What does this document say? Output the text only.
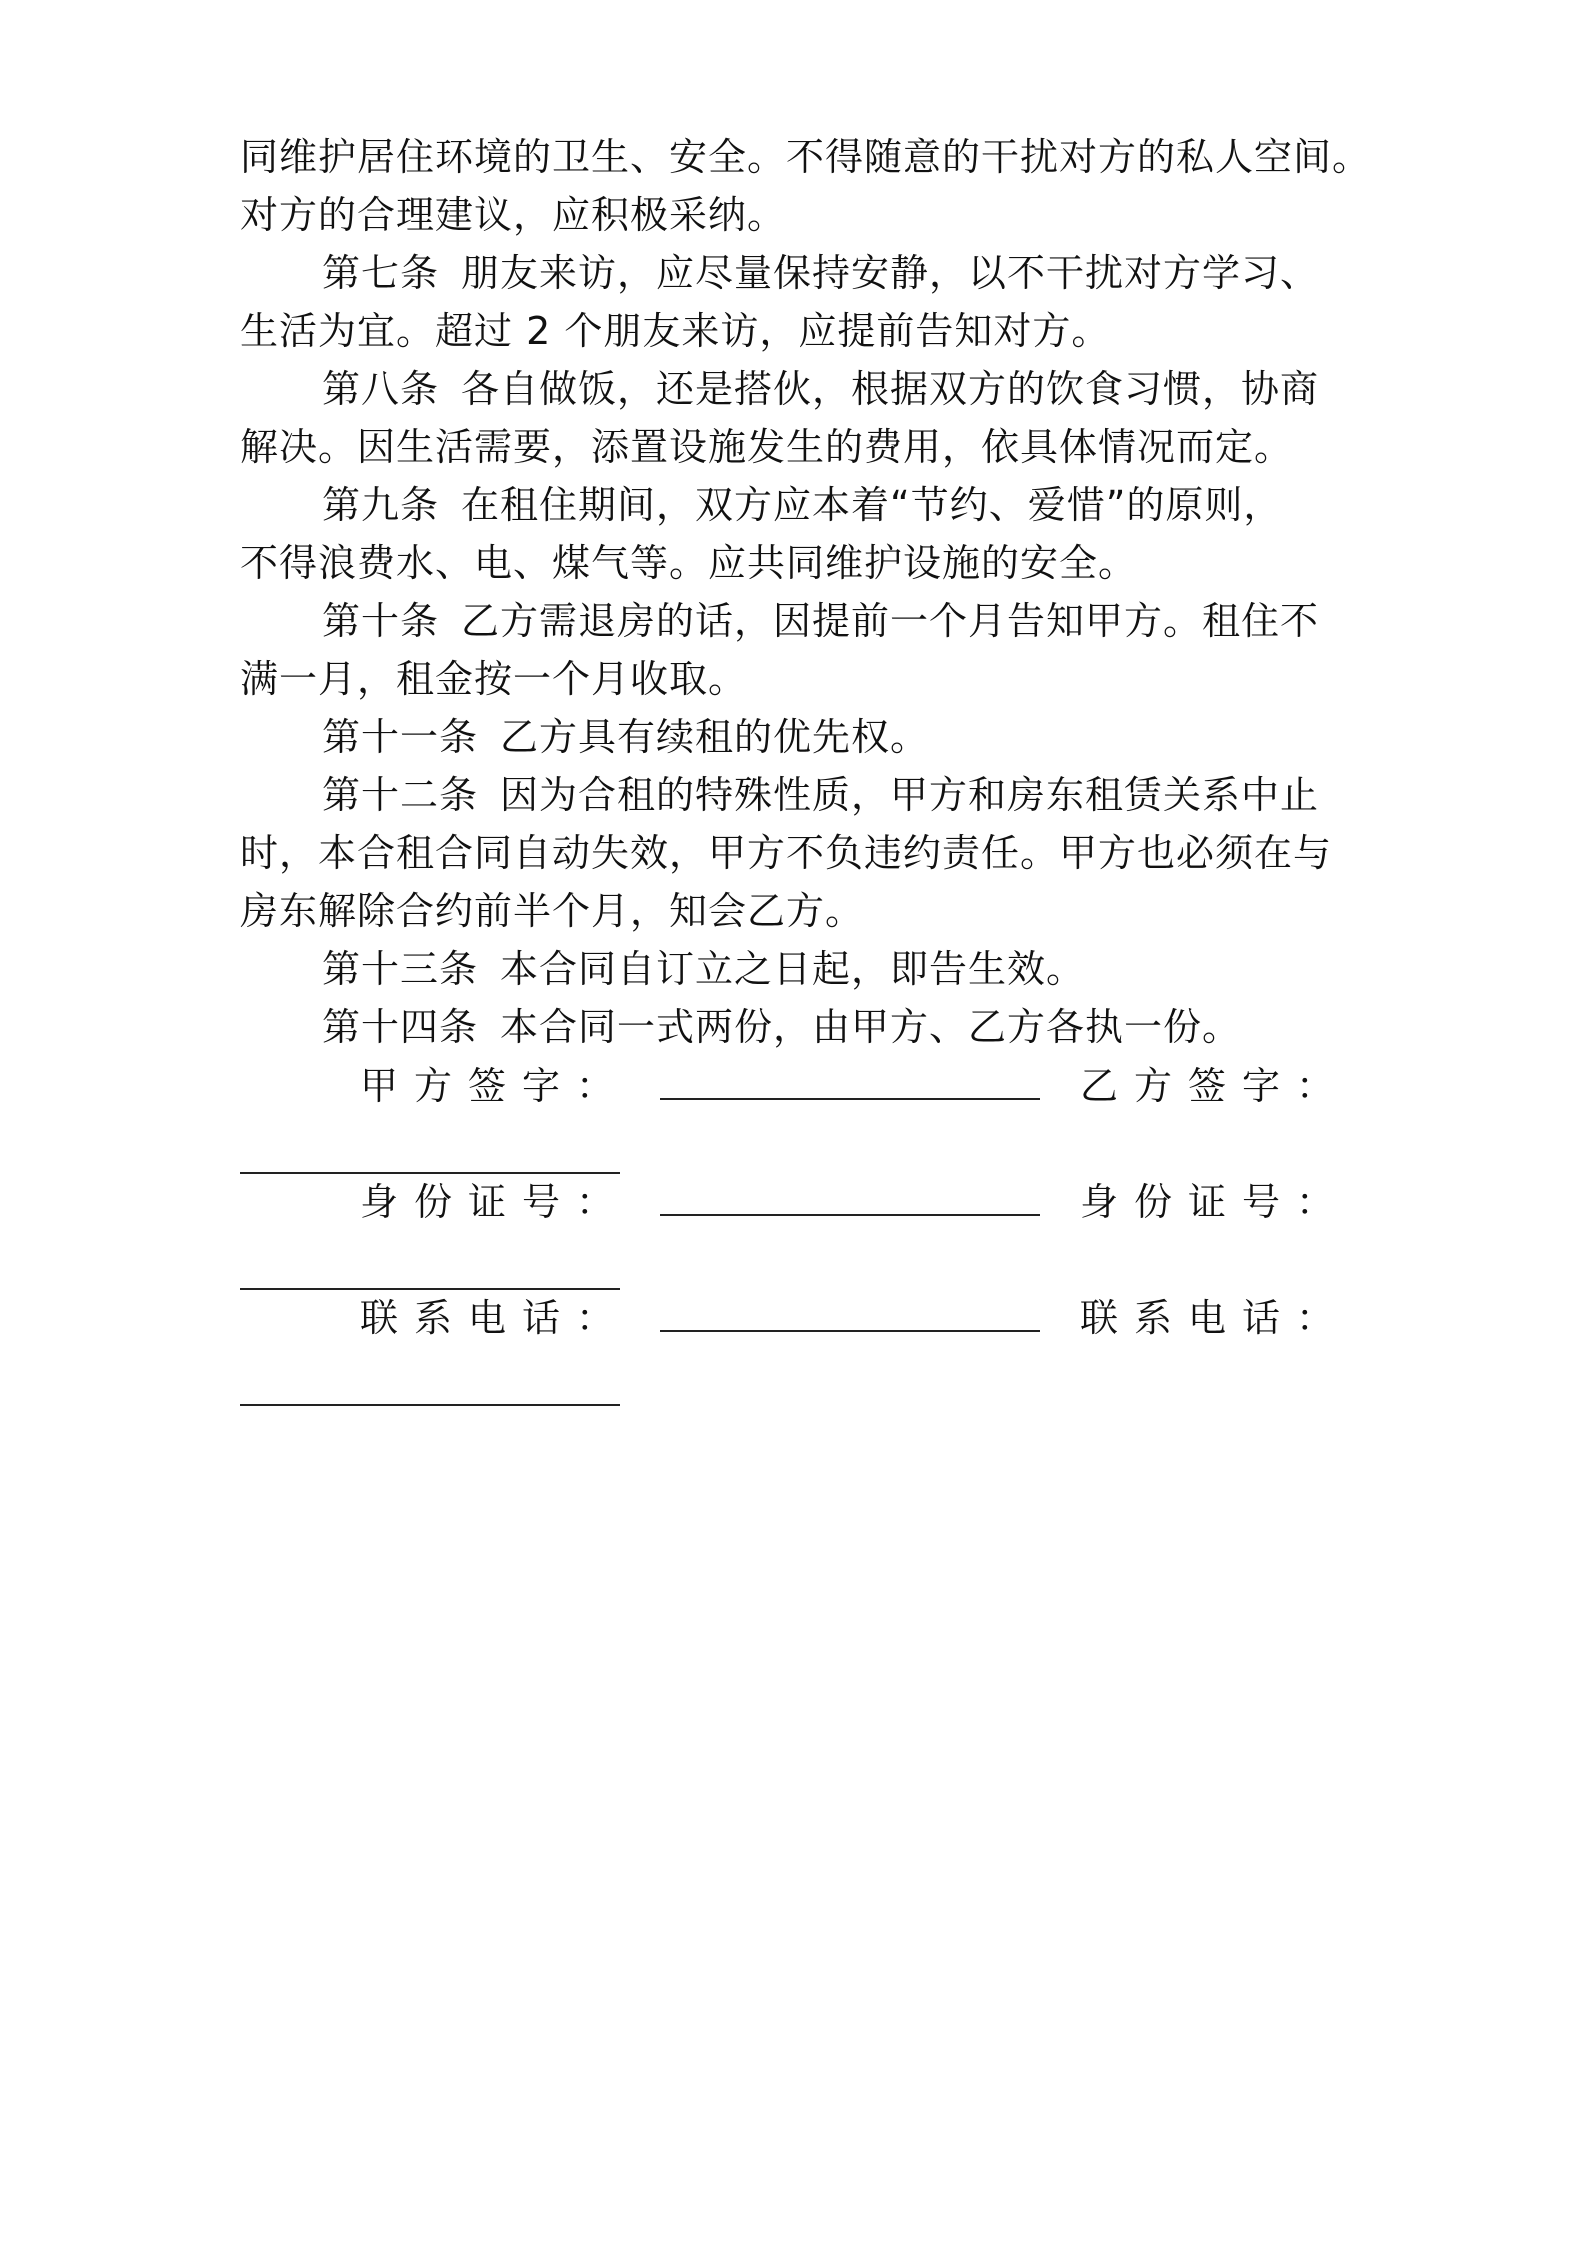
同维护居住环境的卫生、安全。不得随意的干扰对方的私人空间。
对方的合理建议，应积极采纳。
第七条 朋友来访，应尽量保持安静，以不干扰对方学习、
生活为宜。超过 2 个朋友来访，应提前告知对方。
第八条 各自做饭，还是搭伙，根据双方的饮食习惯，协商
解决。因生活需要，添置设施发生的费用，依具体情况而定。
第九条 在租住期间，双方应本着“节约、爱惜”的原则，
不得浪费水、电、煤气等。应共同维护设施的安全。
第十条 乙方需退房的话，因提前一个月告知甲方。租住不
满一月，租金按一个月收取。
第十一条 乙方具有续租的优先权。
第十二条 因为合租的特殊性质，甲方和房东租赁关系中止
时，本合租合同自动失效，甲方不负违约责任。甲方也必须在与
房东解除合约前半个月，知会乙方。
第十三条 本合同自订立之日起，即告生效。
第十四条 本合同一式两份，由甲方、乙方各执一份。
甲方签字：	乙方签字：
身份证号：	身份证号：
联系电话：	联系电话：
